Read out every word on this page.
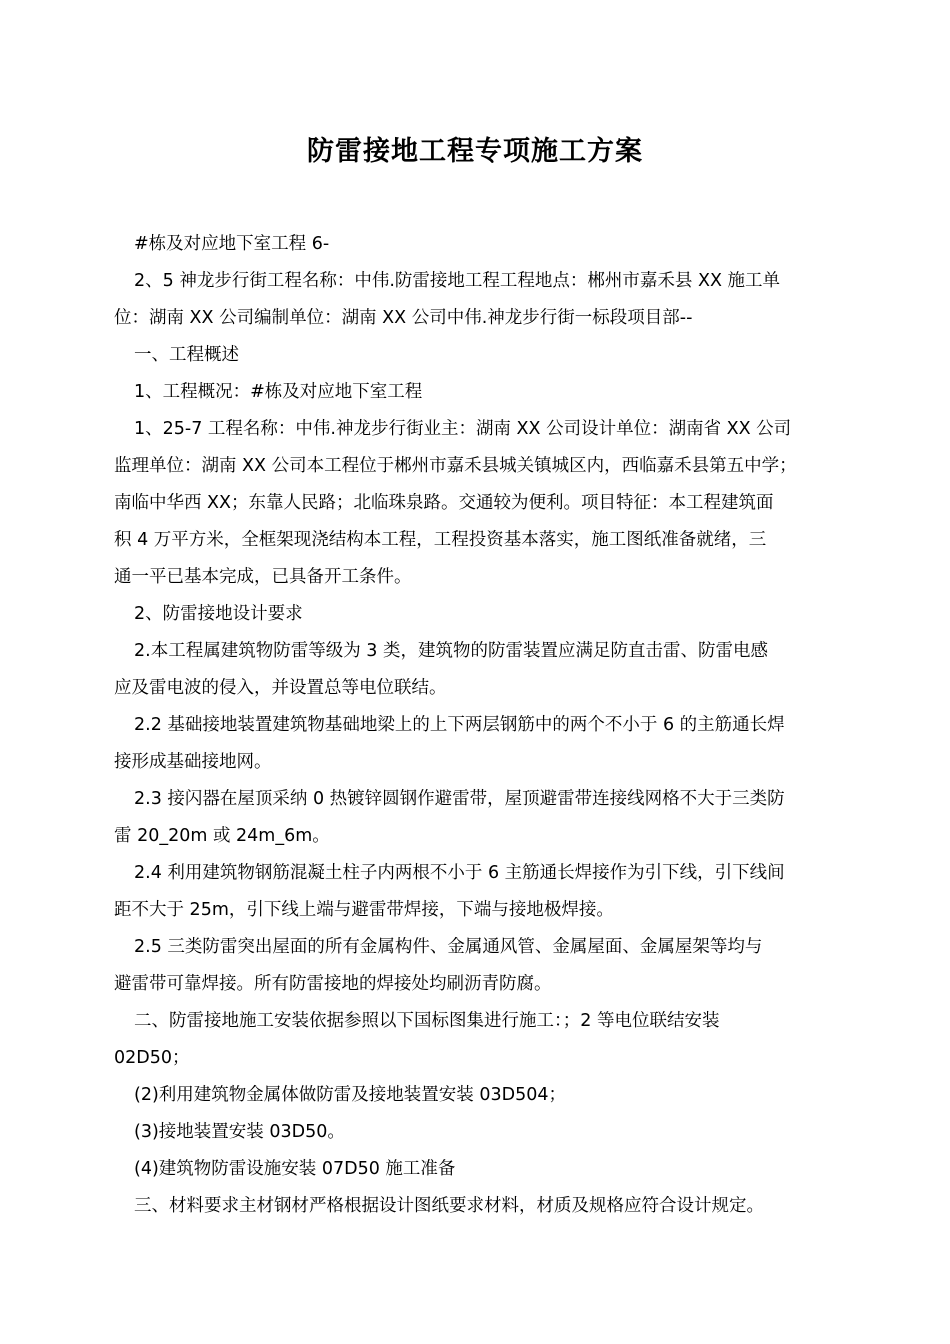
防雷接地工程专项施工方案

#栋及对应地下室工程 6-

2、5 神龙步行街工程名称：中伟.防雷接地工程工程地点：郴州市嘉禾县 XX 施工单

位：湖南 XX 公司编制单位：湖南 XX 公司中伟.神龙步行街一标段项目部--

一、工程概述

1、工程概况：#栋及对应地下室工程

1、25-7 工程名称：中伟.神龙步行街业主：湖南 XX 公司设计单位：湖南省 XX 公司

监理单位：湖南 XX 公司本工程位于郴州市嘉禾县城关镇城区内，西临嘉禾县第五中学；

南临中华西 XX；东靠人民路；北临珠泉路。交通较为便利。项目特征：本工程建筑面

积 4 万平方米，全框架现浇结构本工程，工程投资基本落实，施工图纸准备就绪，三

通一平已基本完成，已具备开工条件。

2、防雷接地设计要求

2.本工程属建筑物防雷等级为 3 类，建筑物的防雷装置应满足防直击雷、防雷电感

应及雷电波的侵入，并设置总等电位联结。

2.2 基础接地装置建筑物基础地梁上的上下两层钢筋中的两个不小于 6 的主筋通长焊

接形成基础接地网。

2.3 接闪器在屋顶采纳 0 热镀锌圆钢作避雷带，屋顶避雷带连接线网格不大于三类防

雷 20_20m 或 24m_6m。

2.4 利用建筑物钢筋混凝土柱子内两根不小于 6 主筋通长焊接作为引下线，引下线间

距不大于 25m，引下线上端与避雷带焊接，下端与接地极焊接。

2.5 三类防雷突出屋面的所有金属构件、金属通风管、金属屋面、金属屋架等均与

避雷带可靠焊接。所有防雷接地的焊接处均刷沥青防腐。

二、防雷接地施工安装依据参照以下国标图集进行施工：；2 等电位联结安装

02D50；

(2)利用建筑物金属体做防雷及接地装置安装 03D504；

(3)接地装置安装 03D50。

(4)建筑物防雷设施安装 07D50 施工准备

三、材料要求主材钢材严格根据设计图纸要求材料，材质及规格应符合设计规定。
